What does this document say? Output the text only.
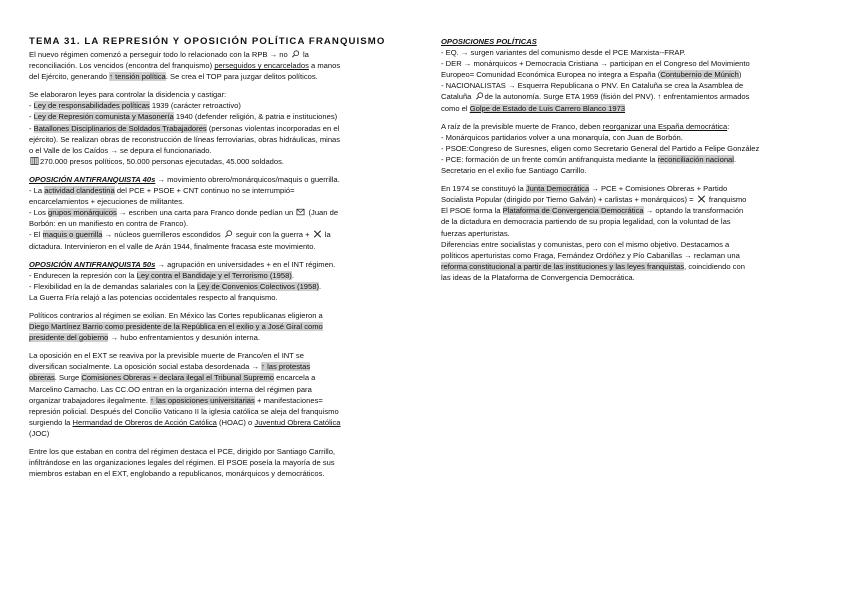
TEMA 31. LA REPRESIÓN Y OPOSICIÓN POLÍTICA FRANQUISMO
El nuevo régimen comenzó a perseguir todo lo relacionado con la RPB → no
la
reconciliación. Los vencidos (encontra del franquismo) perseguidos y encarcelados a manos
del Ejército, generando ↑ tensión política. Se crea el TOP para juzgar delitos políticos.
Se elaboraron leyes para controlar la disidencia y castigar:
- Ley de responsabilidades políticas 1939 (carácter retroactivo)
- Ley de Represión comunista y Masonería 1940 (defender religión, & patria e instituciones)
- Batallones Disciplinarios de Soldados Trabajadores (personas violentas incorporadas en el
ejército). Se realizan obras de reconstrucción de líneas ferroviarias, obras hidráulicas, minas
o el Valle de los Caídos → se depura el funcionariado.
270.000 presos políticos, 50.000 personas ejecutadas, 45.000 soldados.
OPOSICIÓN ANTIFRANQUISTA 40s → movimiento obrero/monárquicos/maquis o guerrilla.
- La actividad clandestina del PCE + PSOE + CNT continuo no se interrumpió=
encarcelamientos + ejecuciones de militantes.
- Los grupos monárquicos → escriben una carta para Franco donde pedían un
(Juan de
Borbón: en un manifiesto en contra de Franco).
- El maquis o guerrilla → núcleos guerrilleros escondidos
seguir con la guerra +
la
dictadura. Intervinieron en el valle de Arán 1944, finalmente fracasa este movimiento.
OPOSICIÓN ANTIFRANQUISTA 50s → agrupación en universidades + en el INT régimen.
- Endurecen la represión con la Ley contra el Bandidaje y el Terrorismo (1958).
- Flexibilidad en la de demandas salariales con la Ley de Convenios Colectivos (1958).
La Guerra Fría relajó a las potencias occidentales respecto al franquismo.
Políticos contrarios al régimen se exilian. En México las Cortes republicanas eligieron a
Diego Martínez Barrio como presidente de la República en el exilio y a José Giral como
presidente del gobierno → hubo enfrentamientos y desunión interna.
La oposición en el EXT se reaviva por la previsible muerte de Franco/en el INT se
diversifican socialmente. La oposición social estaba desordenada → ↑ las protestas
obreras. Surge Comisiones Obreras + declara ilegal el Tribunal Supremo encarcela a
Marcelino Camacho. Las CC.OO entran en la organización interna del régimen para
organizar trabajadores ilegalmente. ↑ las oposiciones universitarias + manifestaciones=
represión policial. Después del Concilio Vaticano II la iglesia católica se aleja del franquismo
surgiendo la Hermandad de Obreros de Acción Católica (HOAC) o Juventud Obrera Católica
(JOC)
Entre los que estaban en contra del régimen destaca el PCE, dirigido por Santiago Carrillo,
infiltrándose en las organizaciones legales del régimen. El PSOE poseía la mayoría de sus
miembros estaban en el EXT, englobando a republicanos, monárquicos y democráticos.
OPOSICIONES POLÍTICAS
- EQ. → surgen variantes del comunismo desde el PCE Marxista--FRAP.
- DER → monárquicos + Democracia Cristiana → participan en el Congreso del Movimiento
Europeo= Comunidad Económica Europea no integra a España (Contubernio de Múnich)
- NACIONALISTAS → Esquerra Republicana o PNV. En Cataluña se crea la Asamblea de
Cataluña
de la autonomía. Surge ETA 1959 (fisión del PNV). ↑ enfrentamientos armados
como el Golpe de Estado de Luis Carrero Blanco 1973
A raíz de la previsible muerte de Franco, deben reorganizar una España democrática:
- Monárquicos partidarios volver a una monarquía, con Juan de Borbón.
- PSOE:Congreso de Suresnes, eligen como Secretario General del Partido a Felipe González
- PCE: formación de un frente común antifranquista mediante la reconciliación nacional.
Secretario en el exilio fue Santiago Carrillo.
En 1974 se constituyó la Junta Democrática → PCE + Comisiones Obreras + Partido
Socialista Popular (dirigido por Tierno Galván) + carlistas + monárquicos) =
franquismo
El PSOE forma la Plataforma de Convergencia Democrática → optando la transformación
de la dictadura en democracia partiendo de su propia legalidad, con la voluntad de las
fuerzas aperturistas.
Diferencias entre socialistas y comunistas, pero con el mismo objetivo. Destacamos a
políticos aperturistas como Fraga, Fernández Ordóñez y Pío Cabanillas → reclaman una
reforma constitucional a partir de las instituciones y las leyes franquistas, coincidiendo con
las ideas de la Plataforma de Convergencia Democrática.
